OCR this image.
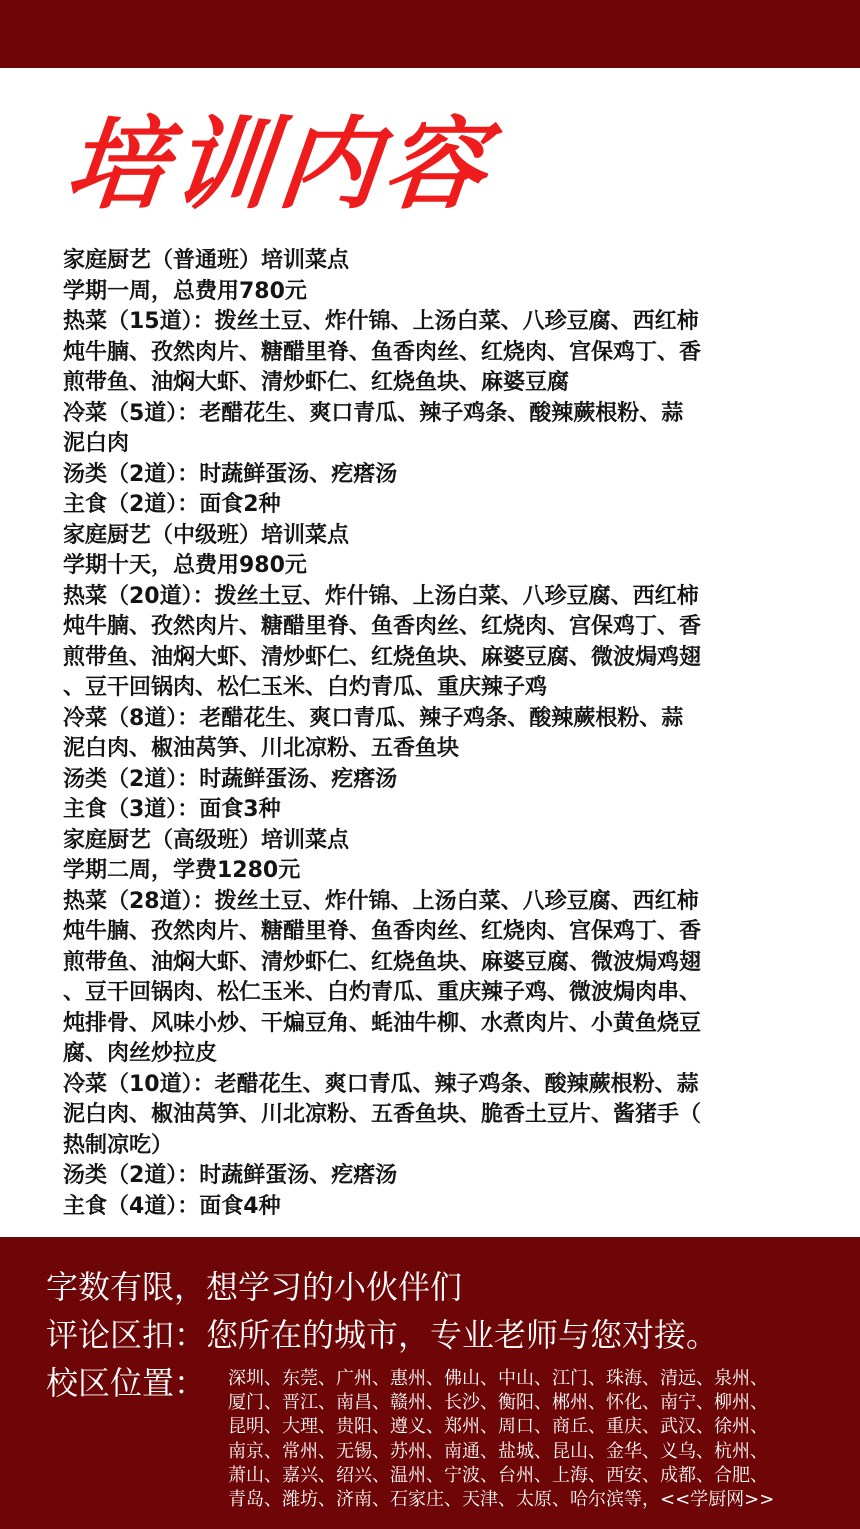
培训内容
家庭厨艺（普通班）培训菜点
学期一周，总费用780元
热菜（15道）：拨丝土豆、炸什锦、上汤白菜、八珍豆腐、西红柿
炖牛腩、孜然肉片、糖醋里脊、鱼香肉丝、红烧肉、宫保鸡丁、香
煎带鱼、油焖大虾、清炒虾仁、红烧鱼块、麻婆豆腐
冷菜（5道）：老醋花生、爽口青瓜、辣子鸡条、酸辣蕨根粉、蒜
泥白肉
汤类（2道）：时蔬鲜蛋汤、疙瘩汤
主食（2道）：面食2种
家庭厨艺（中级班）培训菜点
学期十天，总费用980元
热菜（20道）：拨丝土豆、炸什锦、上汤白菜、八珍豆腐、西红柿
炖牛腩、孜然肉片、糖醋里脊、鱼香肉丝、红烧肉、宫保鸡丁、香
煎带鱼、油焖大虾、清炒虾仁、红烧鱼块、麻婆豆腐、微波焗鸡翅
、豆干回锅肉、松仁玉米、白灼青瓜、重庆辣子鸡
冷菜（8道）：老醋花生、爽口青瓜、辣子鸡条、酸辣蕨根粉、蒜
泥白肉、椒油莴笋、川北凉粉、五香鱼块
汤类（2道）：时蔬鲜蛋汤、疙瘩汤
主食（3道）：面食3种
家庭厨艺（高级班）培训菜点
学期二周，学费1280元
热菜（28道）：拨丝土豆、炸什锦、上汤白菜、八珍豆腐、西红柿
炖牛腩、孜然肉片、糖醋里脊、鱼香肉丝、红烧肉、宫保鸡丁、香
煎带鱼、油焖大虾、清炒虾仁、红烧鱼块、麻婆豆腐、微波焗鸡翅
、豆干回锅肉、松仁玉米、白灼青瓜、重庆辣子鸡、微波焗肉串、
炖排骨、风味小炒、干煸豆角、蚝油牛柳、水煮肉片、小黄鱼烧豆
腐、肉丝炒拉皮
冷菜（10道）：老醋花生、爽口青瓜、辣子鸡条、酸辣蕨根粉、蒜
泥白肉、椒油莴笋、川北凉粉、五香鱼块、脆香土豆片、酱猪手（
热制凉吃）
汤类（2道）：时蔬鲜蛋汤、疙瘩汤
主食（4道）：面食4种
字数有限，想学习的小伙伴们
评论区扣：您所在的城市，专业老师与您对接。
校区位置： 深圳、东莞、广州、惠州、佛山、中山、江门、珠海、清远、泉州、
厦门、晋江、南昌、赣州、长沙、衡阳、郴州、怀化、南宁、柳州、
昆明、大理、贵阳、遵义、郑州、周口、商丘、重庆、武汉、徐州、
南京、常州、无锡、苏州、南通、盐城、昆山、金华、义乌、杭州、
萧山、嘉兴、绍兴、温州、宁波、台州、上海、西安、成都、合肥、
青岛、潍坊、济南、石家庄、天津、太原、哈尔滨等，<<学厨网>>
